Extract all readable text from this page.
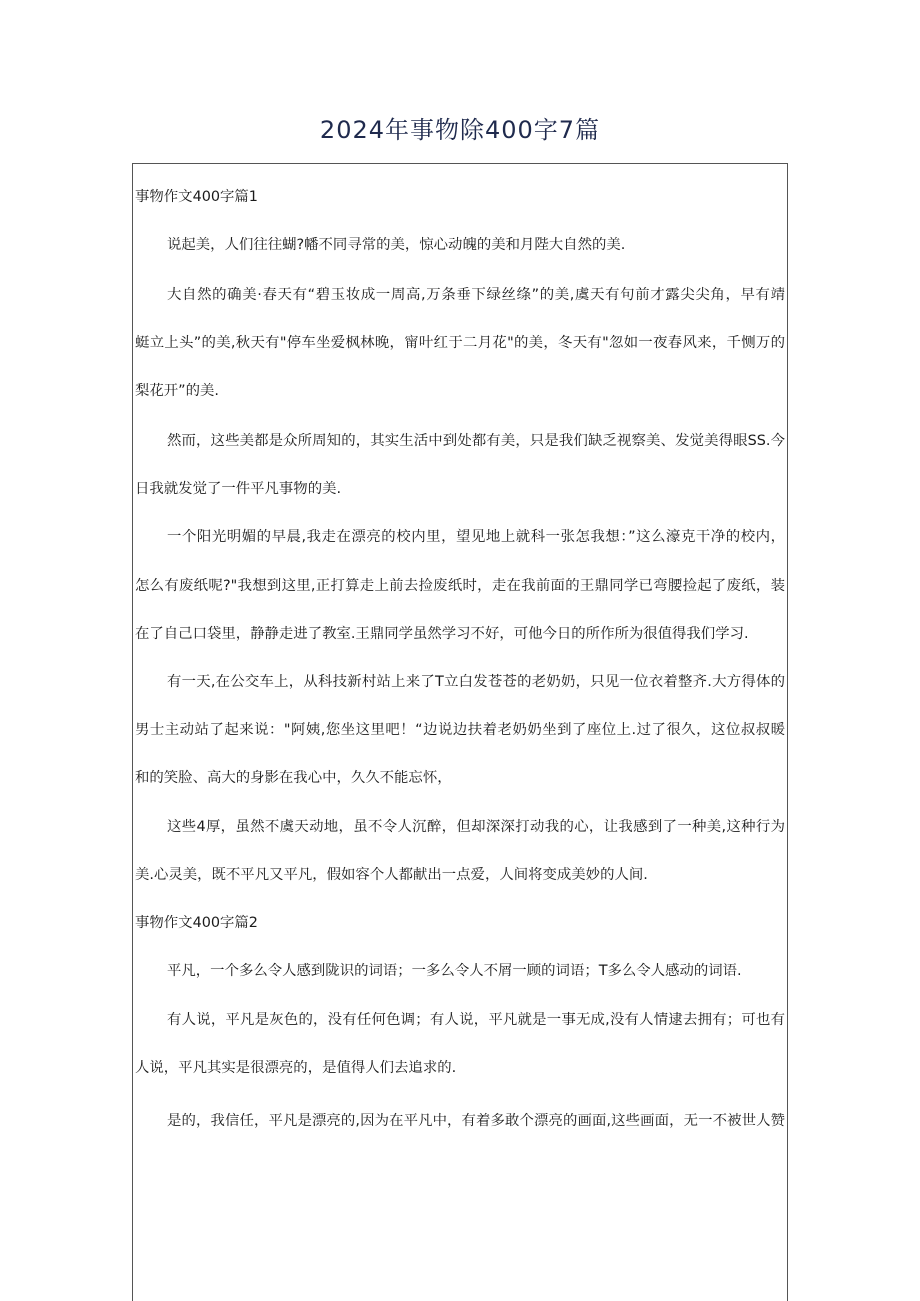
2024年事物除400字7篇
事物作文400字篇1
说起美，人们往往蝴?幡不同寻常的美，惊心动魄的美和月陛大自然的美.
大自然的确美·春天有“碧玉妆成一周高,万条垂下绿丝绦”的美,虞天有句前才露尖尖角，早有靖
蜓立上头”的美,秋天有"停车坐爱枫林晚，甯叶红于二月花"的美，冬天有"忽如一夜春风来，千恻万的
梨花开”的美.
然而，这些美都是众所周知的，其实生活中到处都有美，只是我们缺乏视察美、发觉美得眼SS.今
日我就发觉了一件平凡事物的美.
一个阳光明媚的早晨,我走在漂亮的校内里，望见地上就科一张怎我想：”这么濠克干净的校内，
怎么有废纸呢?"我想到这里,正打算走上前去捡废纸时，走在我前面的王鼎同学已弯腰捡起了废纸，装
在了自己口袋里，静静走进了教室.王鼎同学虽然学习不好，可他今日的所作所为很值得我们学习.
有一天,在公交车上，从科技新村站上来了T立白发苍苍的老奶奶，只见一位衣着整齐.大方得体的
男士主动站了起来说："阿姨,您坐这里吧！“边说边扶着老奶奶坐到了座位上.过了很久，这位叔叔暖
和的笑脸、高大的身影在我心中，久久不能忘怀，
这些4厚，虽然不虞天动地，虽不令人沉醉，但却深深打动我的心，让我感到了一种美,这种行为
美.心灵美，既不平凡又平凡，假如容个人都献出一点爱，人间将变成美妙的人间.
事物作文400字篇2
平凡，一个多么令人感到陇识的词语；一多么令人不屑一顾的词语；T多么令人感动的词语.
有人说，平凡是灰色的，没有任何色调；有人说，平凡就是一事无成,没有人情逮去拥有；可也有
人说，平凡其实是很漂亮的，是值得人们去追求的.
是的，我信任，平凡是漂亮的,因为在平凡中，有着多敢个漂亮的画面,这些画面，无一不被世人赞
